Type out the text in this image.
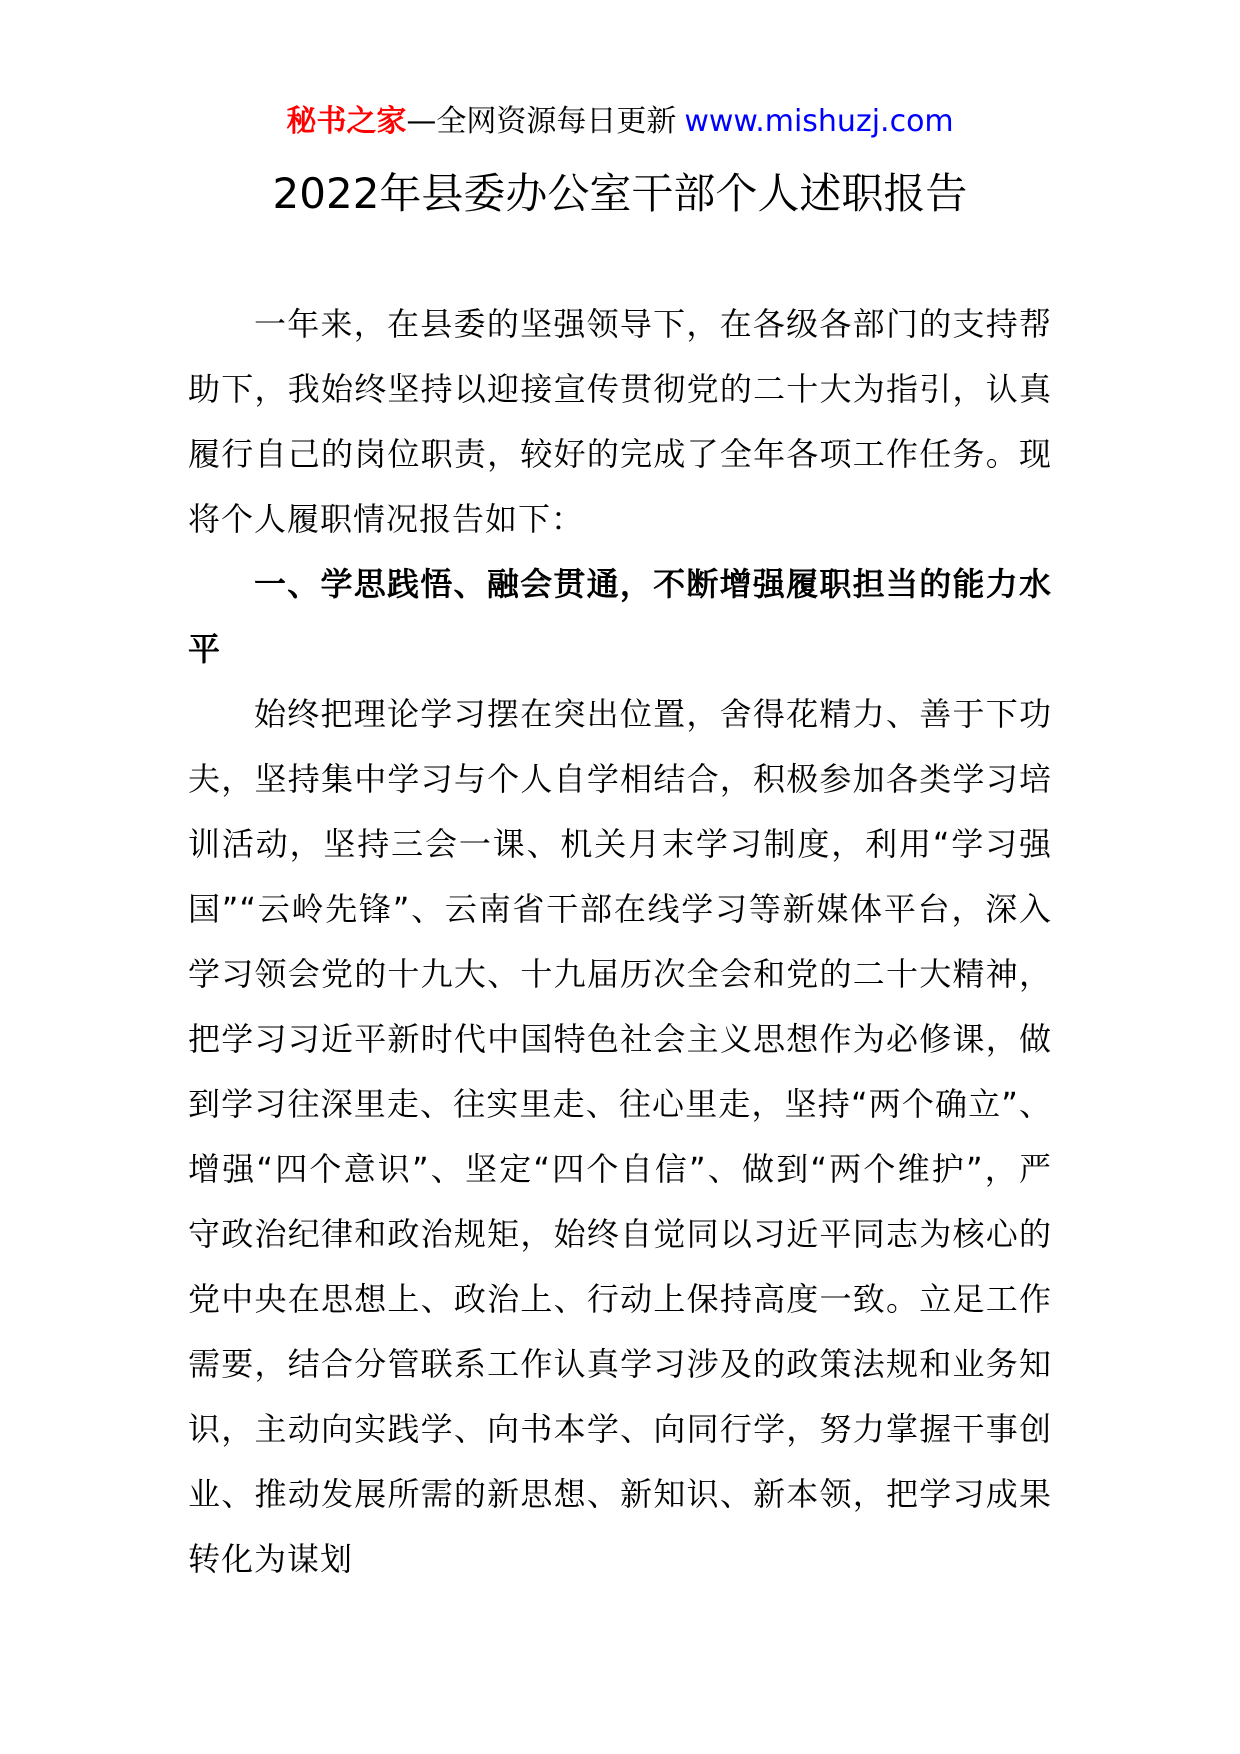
秘书之家—全网资源每日更新 www.mishuzj.com
2022年县委办公室干部个人述职报告

一年来，在县委的坚强领导下，在各级各部门的支持帮助下，我始终坚持以迎接宣传贯彻党的二十大为指引，认真履行自己的岗位职责，较好的完成了全年各项工作任务。现将个人履职情况报告如下：

一、学思践悟、融会贯通，不断增强履职担当的能力水平

始终把理论学习摆在突出位置，舍得花精力、善于下功夫，坚持集中学习与个人自学相结合，积极参加各类学习培训活动，坚持三会一课、机关月末学习制度，利用“学习强国”“云岭先锋”、云南省干部在线学习等新媒体平台，深入学习领会党的十九大、十九届历次全会和党的二十大精神，把学习习近平新时代中国特色社会主义思想作为必修课，做到学习往深里走、往实里走、往心里走，坚持“两个确立”、增强“四个意识”、坚定“四个自信”、做到“两个维护”，严守政治纪律和政治规矩，始终自觉同以习近平同志为核心的党中央在思想上、政治上、行动上保持高度一致。立足工作需要，结合分管联系工作认真学习涉及的政策法规和业务知识，主动向实践学、向书本学、向同行学，努力掌握干事创业、推动发展所需的新思想、新知识、新本领，把学习成果转化为谋划
